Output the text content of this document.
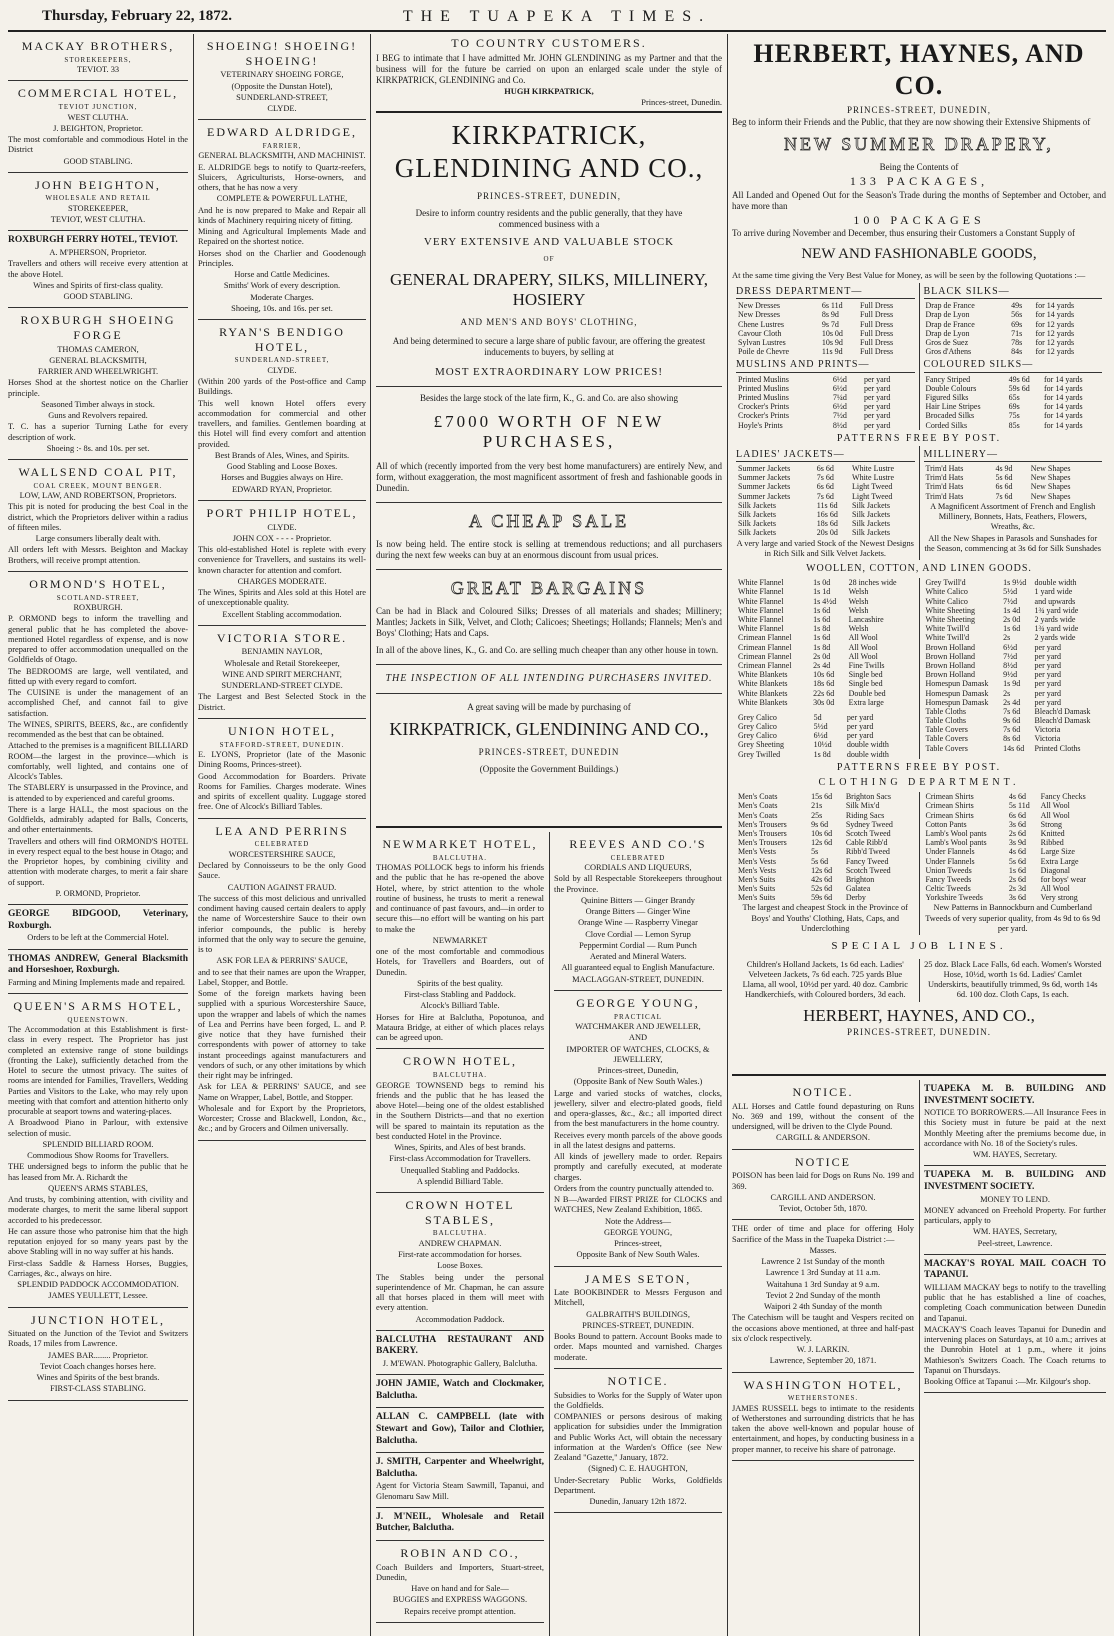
Thursday, February 22, 1872.	THE TUAPEKA TIMES.
MACKAY BROTHERS,

STOREKEEPERS,

TEVIOT. 33

COMMERCIAL HOTEL,

TEVIOT JUNCTION,

WEST CLUTHA.

J. BEIGHTON, Proprietor.

The most comfortable and commodious Hotel in the District

GOOD STABLING.

JOHN BEIGHTON,

WHOLESALE AND RETAIL

STOREKEEPER,

TEVIOT, WEST CLUTHA.

ROXBURGH FERRY HOTEL, TEVIOT.

A. M'PHERSON, Proprietor.

Travellers and others will receive every attention at the above Hotel.

Wines and Spirits of first-class quality.

GOOD STABLING.

ROXBURGH SHOEING FORGE

THOMAS CAMERON,

GENERAL BLACKSMITH,

FARRIER AND WHEELWRIGHT.

Horses Shod at the shortest notice on the Charlier principle.

Seasoned Timber always in stock.

Guns and Revolvers repaired.

T. C. has a superior Turning Lathe for every description of work.

Shoeing :- 8s. and 10s. per set.

WALLSEND COAL PIT,

COAL CREEK, MOUNT BENGER.

LOW, LAW, AND ROBERTSON, Proprietors.

This pit is noted for producing the best Coal in the district, which the Proprietors deliver within a radius of fifteen miles.

Large consumers liberally dealt with.

All orders left with Messrs. Beighton and Mackay Brothers, will receive prompt attention.

ORMOND'S HOTEL,

SCOTLAND-STREET,

ROXBURGH.

P. ORMOND begs to inform the travelling and general public that he has completed the above-mentioned Hotel regardless of expense, and is now prepared to offer accommodation unequalled on the Goldfields of Otago.

The BEDROOMS are large, well ventilated, and fitted up with every regard to comfort.

The CUISINE is under the management of an accomplished Chef, and cannot fail to give satisfaction.

The WINES, SPIRITS, BEERS, &c., are confidently recommended as the best that can be obtained.

Attached to the premises is a magnificent BILLIARD ROOM—the largest in the province—which is comfortably, well lighted, and contains one of Alcock's Tables.

The STABLERY is unsurpassed in the Province, and is attended to by experienced and careful grooms.

There is a large HALL, the most spacious on the Goldfields, admirably adapted for Balls, Concerts, and other entertainments.

Travellers and others will find ORMOND'S HOTEL in every respect equal to the best house in Otago; and the Proprietor hopes, by combining civility and attention with moderate charges, to merit a fair share of support.

P. ORMOND, Proprietor.

GEORGE BIDGOOD, Veterinary, Roxburgh.

Orders to be left at the Commercial Hotel.

THOMAS ANDREW, General Blacksmith and Horseshoer, Roxburgh.

Farming and Mining Implements made and repaired.

QUEEN'S ARMS HOTEL,

QUEENSTOWN.

The Accommodation at this Establishment is first-class in every respect. The Proprietor has just completed an extensive range of stone buildings (fronting the Lake), sufficiently detached from the Hotel to secure the utmost privacy. The suites of rooms are intended for Families, Travellers, Wedding Parties and Visitors to the Lake, who may rely upon meeting with that comfort and attention hitherto only procurable at seaport towns and watering-places.

A Broadwood Piano in Parlour, with extensive selection of music.

SPLENDID BILLIARD ROOM.

Commodious Show Rooms for Travellers.

THE undersigned begs to inform the public that he has leased from Mr. A. Richardt the

QUEEN'S ARMS STABLES,

And trusts, by combining attention, with civility and moderate charges, to merit the same liberal support accorded to his predecessor.

He can assure those who patronise him that the high reputation enjoyed for so many years past by the above Stabling will in no way suffer at his hands.

First-class Saddle & Harness Horses, Buggies, Carriages, &c., always on hire.

SPLENDID PADDOCK ACCOMMODATION.

JAMES YEULLETT, Lessee.

JUNCTION HOTEL,

Situated on the Junction of the Teviot and Switzers Roads, 17 miles from Lawrence.

JAMES BAR........ Proprietor.

Teviot Coach changes horses here.

Wines and Spirits of the best brands.

FIRST-CLASS STABLING.

SHOEING! SHOEING! SHOEING!

VETERINARY SHOEING FORGE,

(Opposite the Dunstan Hotel),

SUNDERLAND-STREET,

CLYDE.

EDWARD ALDRIDGE,

FARRIER,

GENERAL BLACKSMITH, AND MACHINIST.

E. ALDRIDGE begs to notify to Quartz-reefers, Sluicers, Agriculturists, Horse-owners, and others, that he has now a very

COMPLETE & POWERFUL LATHE,

And he is now prepared to Make and Repair all kinds of Machinery requiring nicety of fitting.

Mining and Agricultural Implements Made and Repaired on the shortest notice.

Horses shod on the Charlier and Goodenough Principles.

Horse and Cattle Medicines.

Smiths' Work of every description.

Moderate Charges.

Shoeing, 10s. and 16s. per set.

RYAN'S BENDIGO HOTEL,

SUNDERLAND-STREET,

CLYDE.

(Within 200 yards of the Post-office and Camp Buildings.

This well known Hotel offers every accommodation for commercial and other travellers, and families. Gentlemen boarding at this Hotel will find every comfort and attention provided.

Best Brands of Ales, Wines, and Spirits.

Good Stabling and Loose Boxes.

Horses and Buggies always on Hire.

EDWARD RYAN, Proprietor.

PORT PHILIP HOTEL,

CLYDE.

JOHN COX - - - - Proprietor.

This old-established Hotel is replete with every convenience for Travellers, and sustains its well-known character for attention and comfort.

CHARGES MODERATE.

The Wines, Spirits and Ales sold at this Hotel are of unexceptionable quality.

Excellent Stabling accommodation.

VICTORIA STORE.

BENJAMIN NAYLOR,

Wholesale and Retail Storekeeper,

WINE AND SPIRIT MERCHANT,

SUNDERLAND-STREET CLYDE.

The Largest and Best Selected Stock in the District.

UNION HOTEL,

STAFFORD-STREET, DUNEDIN.

E. LYONS, Proprietor (late of the Masonic Dining Rooms, Princes-street).

Good Accommodation for Boarders. Private Rooms for Families. Charges moderate. Wines and spirits of excellent quality. Luggage stored free. One of Alcock's Billiard Tables.

LEA AND PERRINS

CELEBRATED

WORCESTERSHIRE SAUCE,

Declared by Connoisseurs to be the only Good Sauce.

CAUTION AGAINST FRAUD.

The success of this most delicious and unrivalled condiment having caused certain dealers to apply the name of Worcestershire Sauce to their own inferior compounds, the public is hereby informed that the only way to secure the genuine, is to

ASK FOR LEA & PERRINS' SAUCE,

and to see that their names are upon the Wrapper, Label, Stopper, and Bottle.

Some of the foreign markets having been supplied with a spurious Worcestershire Sauce, upon the wrapper and labels of which the names of Lea and Perrins have been forged, L. and P. give notice that they have furnished their correspondents with power of attorney to take instant proceedings against manufacturers and vendors of such, or any other imitations by which their right may be infringed.

Ask for LEA & PERRINS' SAUCE, and see Name on Wrapper, Label, Bottle, and Stopper.

Wholesale and for Export by the Proprietors, Worcester; Crosse and Blackwell, London, &c., &c.; and by Grocers and Oilmen universally.

TO COUNTRY CUSTOMERS.

I BEG to intimate that I have admitted Mr. JOHN GLENDINING as my Partner and that the business will for the future be carried on upon an enlarged scale under the style of KIRKPATRICK, GLENDINING and Co.

HUGH KIRKPATRICK,

Princes-street, Dunedin.

KIRKPATRICK, GLENDINING AND CO.,

PRINCES-STREET, DUNEDIN,

Desire to inform country residents and the public generally, that they have commenced business with a

VERY EXTENSIVE AND VALUABLE STOCK

OF

GENERAL DRAPERY, SILKS, MILLINERY, HOSIERY

AND MEN'S AND BOYS' CLOTHING,

And being determined to secure a large share of public favour, are offering the greatest inducements to buyers, by selling at

MOST EXTRAORDINARY LOW PRICES!

Besides the large stock of the late firm, K., G. and Co. are also showing

£7000 WORTH OF NEW PURCHASES,

All of which (recently imported from the very best home manufacturers) are entirely New, and form, without exaggeration, the most magnificent assortment of fresh and fashionable goods in Dunedin.

A CHEAP SALE

Is now being held. The entire stock is selling at tremendous reductions; and all purchasers during the next few weeks can buy at an enormous discount from usual prices.

GREAT BARGAINS

Can be had in Black and Coloured Silks; Dresses of all materials and shades; Millinery; Mantles; Jackets in Silk, Velvet, and Cloth; Calicoes; Sheetings; Hollands; Flannels; Men's and Boys' Clothing; Hats and Caps.

In all of the above lines, K., G. and Co. are selling much cheaper than any other house in town.

THE INSPECTION OF ALL INTENDING PURCHASERS INVITED.

A great saving will be made by purchasing of

KIRKPATRICK, GLENDINING AND CO.,

PRINCES-STREET, DUNEDIN

(Opposite the Government Buildings.)

NEWMARKET HOTEL,

BALCLUTHA.

THOMAS POLLOCK begs to inform his friends and the public that he has re-opened the above Hotel, where, by strict attention to the whole routine of business, he trusts to merit a renewal and continuance of past favours, and—in order to secure this—no effort will be wanting on his part to make the

NEWMARKET

one of the most comfortable and commodious Hotels, for Travellers and Boarders, out of Dunedin.

Spirits of the best quality.

First-class Stabling and Paddock.

Alcock's Billiard Table.

Horses for Hire at Balclutha, Popotunoa, and Mataura Bridge, at either of which places relays can be agreed upon.

CROWN HOTEL,

BALCLUTHA.

GEORGE TOWNSEND begs to remind his friends and the public that he has leased the above Hotel—being one of the oldest established in the Southern Districts—and that no exertion will be spared to maintain its reputation as the best conducted Hotel in the Province.

Wines, Spirits, and Ales of best brands.

First-class Accommodation for Travellers.

Unequalled Stabling and Paddocks.

A splendid Billiard Table.

CROWN HOTEL STABLES,

BALCLUTHA.

ANDREW CHAPMAN.

First-rate accommodation for horses.

Loose Boxes.

The Stables being under the personal superintendence of Mr. Chapman, he can assure all that horses placed in them will meet with every attention.

Accommodation Paddock.

BALCLUTHA RESTAURANT AND BAKERY.

J. M'EWAN. Photographic Gallery, Balclutha.

JOHN JAMIE, Watch and Clockmaker, Balclutha.
ALLAN C. CAMPBELL (late with Stewart and Gow), Tailor and Clothier, Balclutha.
J. SMITH, Carpenter and Wheelwright, Balclutha.

Agent for Victoria Steam Sawmill, Tapanui, and Glenomaru Saw Mill.

J. M'NEIL, Wholesale and Retail Butcher, Balclutha.
ROBIN AND CO.,

Coach Builders and Importers, Stuart-street, Dunedin,

Have on hand and for Sale—

BUGGIES and EXPRESS WAGGONS.

Repairs receive prompt attention.

REEVES AND CO.'S

CELEBRATED

CORDIALS AND LIQUEURS,

Sold by all Respectable Storekeepers throughout the Province.

Quinine Bitters — Ginger Brandy

Orange Bitters — Ginger Wine

Orange Wine — Raspberry Vinegar

Clove Cordial — Lemon Syrup

Peppermint Cordial — Rum Punch

Aerated and Mineral Waters.

All guaranteed equal to English Manufacture.

MACLAGGAN-STREET, DUNEDIN.

GEORGE YOUNG,

PRACTICAL

WATCHMAKER AND JEWELLER,

AND

IMPORTER OF WATCHES, CLOCKS, & JEWELLERY,

Princes-street, Dunedin,

(Opposite Bank of New South Wales.)

Large and varied stocks of watches, clocks, jewellery, silver and electro-plated goods, field and opera-glasses, &c., &c.; all imported direct from the best manufacturers in the home country.

Receives every month parcels of the above goods in all the latest designs and patterns.

All kinds of jewellery made to order. Repairs promptly and carefully executed, at moderate charges.

Orders from the country punctually attended to.

N B—Awarded FIRST PRIZE for CLOCKS and WATCHES, New Zealand Exhibition, 1865.

Note the Address—

GEORGE YOUNG,

Princes-street,

Opposite Bank of New South Wales.

JAMES SETON,

Late BOOKBINDER to Messrs Ferguson and Mitchell,

GALBRAITH'S BUILDINGS,

PRINCES-STREET, DUNEDIN.

Books Bound to pattern. Account Books made to order. Maps mounted and varnished. Charges moderate.

NOTICE.

Subsidies to Works for the Supply of Water upon the Goldfields.

COMPANIES or persons desirous of making application for subsidies under the Immigration and Public Works Act, will obtain the necessary information at the Warden's Office (see New Zealand "Gazette," January, 1872.

(Signed) C. E. HAUGHTON,

Under-Secretary Public Works, Goldfields Department.

Dunedin, January 12th 1872.

HERBERT, HAYNES, AND CO.

PRINCES-STREET, DUNEDIN,

Beg to inform their Friends and the Public, that they are now showing their Extensive Shipments of

NEW SUMMER DRAPERY,

Being the Contents of

133 PACKAGES,

All Landed and Opened Out for the Season's Trade during the months of September and October, and have more than

100 PACKAGES

To arrive during November and December, thus ensuring their Customers a Constant Supply of

NEW AND FASHIONABLE GOODS,

At the same time giving the Very Best Value for Money, as will be seen by the following Quotations :—

DRESS DEPARTMENT—
New Dresses	6s 11d	Full Dress
New Dresses	8s 9d	Full Dress
Chene Lustres	9s 7d	Full Dress
Cavour Cloth	10s 0d	Full Dress
Sylvan Lustres	10s 9d	Full Dress
Poile de Chevre	11s 9d	Full Dress
MUSLINS AND PRINTS—
Printed Muslins	6½d	per yard
Printed Muslins	6½d	per yard
Printed Muslins	7¼d	per yard
Crocker's Prints	6½d	per yard
Crocker's Prints	7½d	per yard
Hoyle's Prints	8½d	per yard
BLACK SILKS—
Drap de France	49s	for 14 yards
Drap de Lyon	56s	for 14 yards
Drap de France	69s	for 12 yards
Drap de Lyon	71s	for 12 yards
Gros de Suez	78s	for 12 yards
Gros d'Athens	84s	for 12 yards
COLOURED SILKS—
Fancy Striped	49s 6d	for 14 yards
Double Colours	59s 6d	for 14 yards
Figured Silks	65s	for 14 yards
Hair Line Stripes	69s	for 14 yards
Brocaded Silks	75s	for 14 yards
Corded Silks	85s	for 14 yards

PATTERNS FREE BY POST.

LADIES' JACKETS—
Summer Jackets	6s 6d	White Lustre
Summer Jackets	7s 6d	White Lustre
Summer Jackets	6s 6d	Light Tweed
Summer Jackets	7s 6d	Light Tweed
Silk Jackets	11s 6d	Silk Jackets
Silk Jackets	16s 6d	Silk Jackets
Silk Jackets	18s 6d	Silk Jackets
Silk Jackets	20s 0d	Silk Jackets

A very large and varied Stock of the Newest Designs in Rich Silk and Silk Velvet Jackets.

MILLINERY—
Trim'd Hats	4s 9d	New Shapes
Trim'd Hats	5s 6d	New Shapes
Trim'd Hats	6s 6d	New Shapes
Trim'd Hats	7s 6d	New Shapes

A Magnificent Assortment of French and English Millinery, Bonnets, Hats, Feathers, Flowers, Wreaths, &c.

All the New Shapes in Parasols and Sunshades for the Season, commencing at 3s 6d for Silk Sunshades

WOOLLEN, COTTON, AND LINEN GOODS.

White Flannel	1s 0d	28 inches wide
White Flannel	1s 1d	Welsh
White Flannel	1s 4½d	Welsh
White Flannel	1s 6d	Welsh
White Flannel	1s 6d	Lancashire
White Flannel	1s 8d	Welsh
Crimean Flannel	1s 6d	All Wool
Crimean Flannel	1s 8d	All Wool
Crimean Flannel	2s 0d	All Wool
Crimean Flannel	2s 4d	Fine Twills
White Blankets	10s 6d	Single bed
White Blankets	18s 6d	Single bed
White Blankets	22s 6d	Double bed
White Blankets	30s 0d	Extra large
Grey Calico	5d	per yard
Grey Calico	5½d	per yard
Grey Calico	6½d	per yard
Grey Sheeting	10½d	double width
Grey Twilled	1s 8d	double width
Grey Twill'd	1s 9½d	double width
White Calico	5½d	1 yard wide
White Calico	7½d	and upwards
White Sheeting	1s 4d	1¾ yard wide
White Sheeting	2s 0d	2 yards wide
White Twill'd	1s 6d	1¾ yard wide
White Twill'd	2s	2 yards wide
Brown Holland	6½d	per yard
Brown Holland	7½d	per yard
Brown Holland	8½d	per yard
Brown Holland	9½d	per yard
Homespun Damask	1s 9d	per yard
Homespun Damask	2s	per yard
Homespun Damask	2s 4d	per yard
Table Cloths	7s 6d	Bleach'd Damask
Table Cloths	9s 6d	Bleach'd Damask
Table Covers	7s 6d	Victoria
Table Covers	8s 6d	Victoria
Table Covers	14s 6d	Printed Cloths

PATTERNS FREE BY POST.

CLOTHING DEPARTMENT.

Men's Coats	15s 6d	Brighton Sacs
Men's Coats	21s	Silk Mix'd
Men's Coats	25s	Riding Sacs
Men's Trousers	9s 6d	Sydney Tweed
Men's Trousers	10s 6d	Scotch Tweed
Men's Trousers	12s 6d	Cable Ribb'd
Men's Vests	5s	Ribb'd Tweed
Men's Vests	5s 6d	Fancy Tweed
Men's Vests	12s 6d	Scotch Tweed
Men's Suits	42s 6d	Brighton
Men's Suits	52s 6d	Galatea
Men's Suits	59s 6d	Derby

The largest and cheapest Stock in the Province of Boys' and Youths' Clothing, Hats, Caps, and Underclothing

Crimean Shirts	4s 6d	Fancy Checks
Crimean Shirts	5s 11d	All Wool
Crimean Shirts	6s 6d	All Wool
Cotton Pants	3s 6d	Strong
Lamb's Wool pants	2s 6d	Knitted
Lamb's Wool pants	3s 9d	Ribbed
Under Flannels	4s 6d	Large Size
Under Flannels	5s 6d	Extra Large
Union Tweeds	1s 6d	Diagonal
Fancy Tweeds	2s 6d	for boys' wear
Celtic Tweeds	2s 3d	All Wool
Yorkshire Tweeds	3s 6d	Very strong

New Patterns in Bannockburn and Cumberland Tweeds of very superior quality, from 4s 9d to 6s 9d per yard.

SPECIAL JOB LINES.

Children's Holland Jackets, 1s 6d each. Ladies' Velveteen Jackets, 7s 6d each. 725 yards Blue Llama, all wool, 10½d per yard. 40 doz. Cambric Handkerchiefs, with Coloured borders, 3d each.

25 doz. Black Lace Falls, 6d each. Women's Worsted Hose, 10½d, worth 1s 6d. Ladies' Camlet Underskirts, beautifully trimmed, 9s 6d, worth 14s 6d. 100 doz. Cloth Caps, 1s each.

HERBERT, HAYNES, AND CO.,

PRINCES-STREET, DUNEDIN.

NOTICE.

ALL Horses and Cattle found depasturing on Runs No. 369 and 199, without the consent of the undersigned, will be driven to the Clyde Pound.

CARGILL & ANDERSON.

NOTICE

POISON has been laid for Dogs on Runs No. 199 and 369.

CARGILL AND ANDERSON.

Teviot, October 5th, 1870.

THE order of time and place for offering Holy Sacrifice of the Mass in the Tuapeka District :—

Masses.

Lawrence 2 1st Sunday of the month

Lawrence 1 3rd Sunday at 11 a.m.

Waitahuna 1 3rd Sunday at 9 a.m.

Teviot 2 2nd Sunday of the month

Waipori 2 4th Sunday of the month

The Catechism will be taught and Vespers recited on the occasions above mentioned, at three and half-past six o'clock respectively.

W. J. LARKIN.

Lawrence, September 20, 1871.

WASHINGTON HOTEL,

WETHERSTONES.

JAMES RUSSELL begs to intimate to the residents of Wetherstones and surrounding districts that he has taken the above well-known and popular house of entertainment, and hopes, by conducting business in a proper manner, to receive his share of patronage.

TUAPEKA M. B. BUILDING AND INVESTMENT SOCIETY.

NOTICE TO BORROWERS.—All Insurance Fees in this Society must in future be paid at the next Monthly Meeting after the premiums become due, in accordance with No. 18 of the Society's rules.

WM. HAYES, Secretary.

TUAPEKA M. B. BUILDING AND INVESTMENT SOCIETY.

MONEY TO LEND.

MONEY advanced on Freehold Property. For further particulars, apply to

WM. HAYES, Secretary,

Peel-street, Lawrence.

MACKAY'S ROYAL MAIL COACH TO TAPANUI.

WILLIAM MACKAY begs to notify to the travelling public that he has established a line of coaches, completing Coach communication between Dunedin and Tapanui.

MACKAY'S Coach leaves Tapanui for Dunedin and intervening places on Saturdays, at 10 a.m.; arrives at the Dunrobin Hotel at 1 p.m., where it joins Mathieson's Switzers Coach. The Coach returns to Tapanui on Thursdays.

Booking Office at Tapanui :—Mr. Kilgour's shop.
